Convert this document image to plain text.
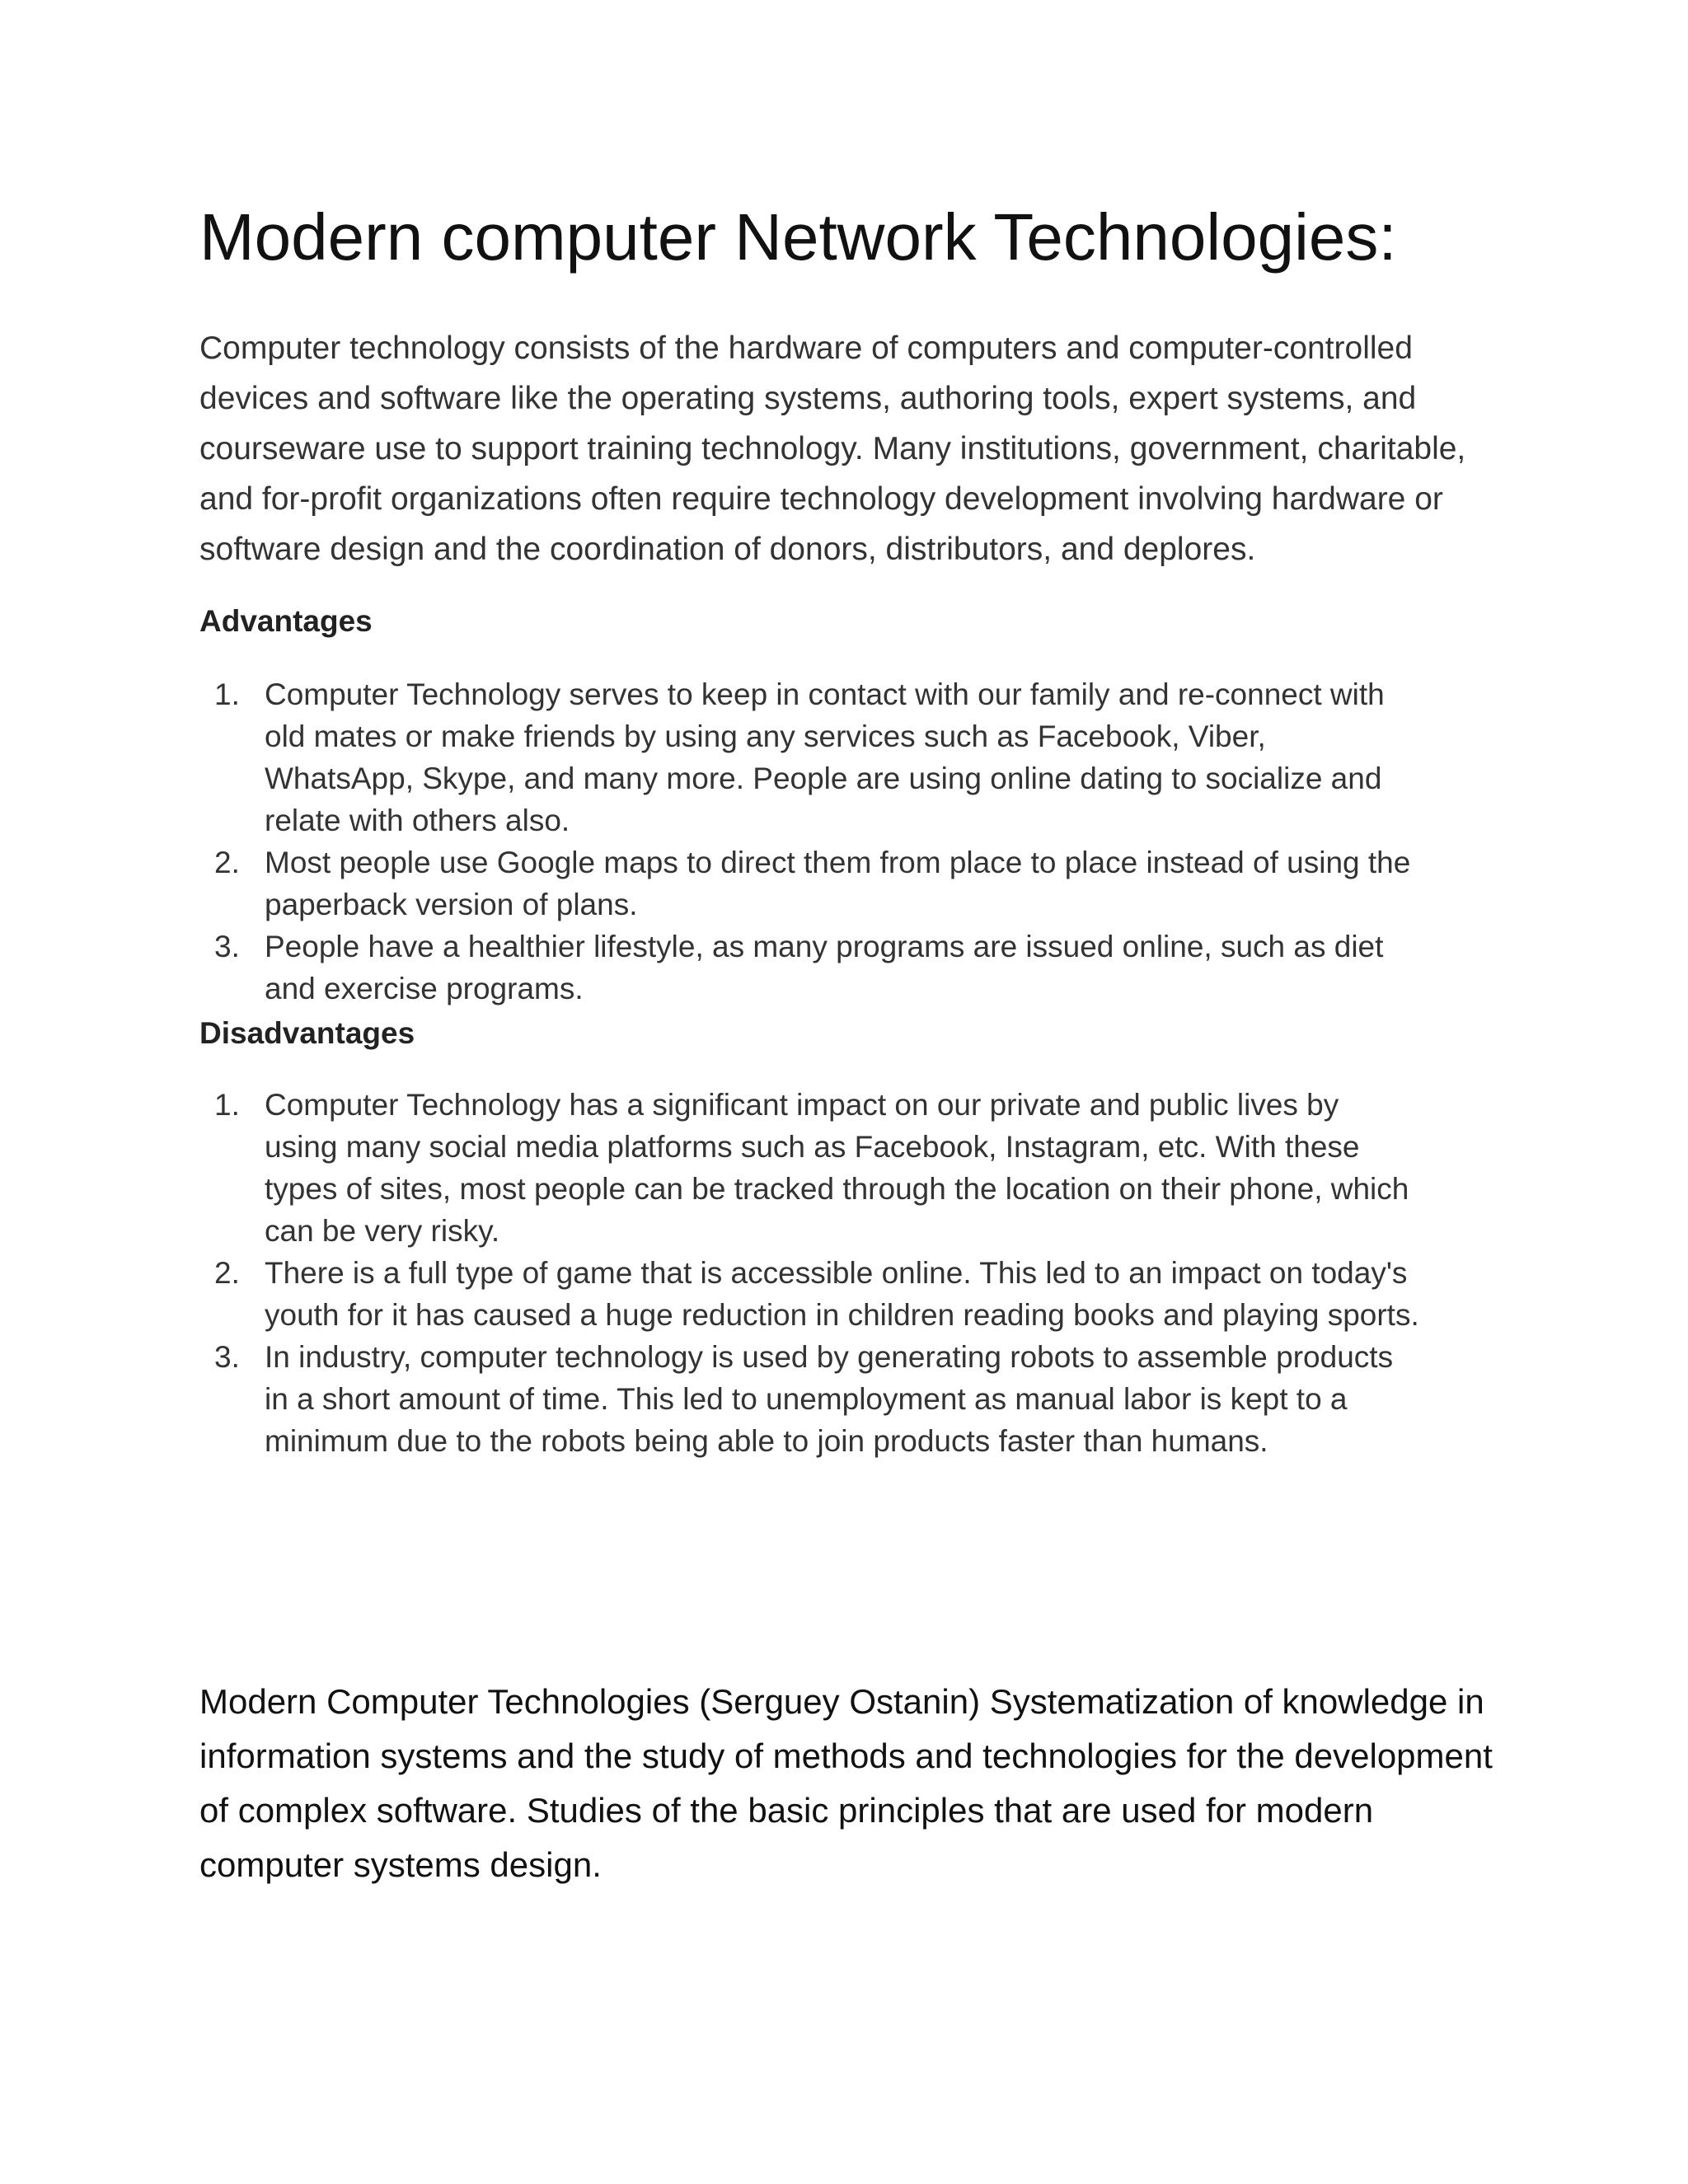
Modern computer Network Technologies:

Computer technology consists of the hardware of computers and computer-controlled devices and software like the operating systems, authoring tools, expert systems, and courseware use to support training technology. Many institutions, government, charitable, and for-profit organizations often require technology development involving hardware or software design and the coordination of donors, distributors, and deplores.

Advantages
1. Computer Technology serves to keep in contact with our family and re-connect with old mates or make friends by using any services such as Facebook, Viber, WhatsApp, Skype, and many more. People are using online dating to socialize and relate with others also.
2. Most people use Google maps to direct them from place to place instead of using the paperback version of plans.
3. People have a healthier lifestyle, as many programs are issued online, such as diet and exercise programs.
Disadvantages
1. Computer Technology has a significant impact on our private and public lives by using many social media platforms such as Facebook, Instagram, etc. With these types of sites, most people can be tracked through the location on their phone, which can be very risky.
2. There is a full type of game that is accessible online. This led to an impact on today's youth for it has caused a huge reduction in children reading books and playing sports.
3. In industry, computer technology is used by generating robots to assemble products in a short amount of time. This led to unemployment as manual labor is kept to a minimum due to the robots being able to join products faster than humans.

Modern Computer Technologies (Serguey Ostanin) Systematization of knowledge in information systems and the study of methods and technologies for the development of complex software. Studies of the basic principles that are used for modern computer systems design.
